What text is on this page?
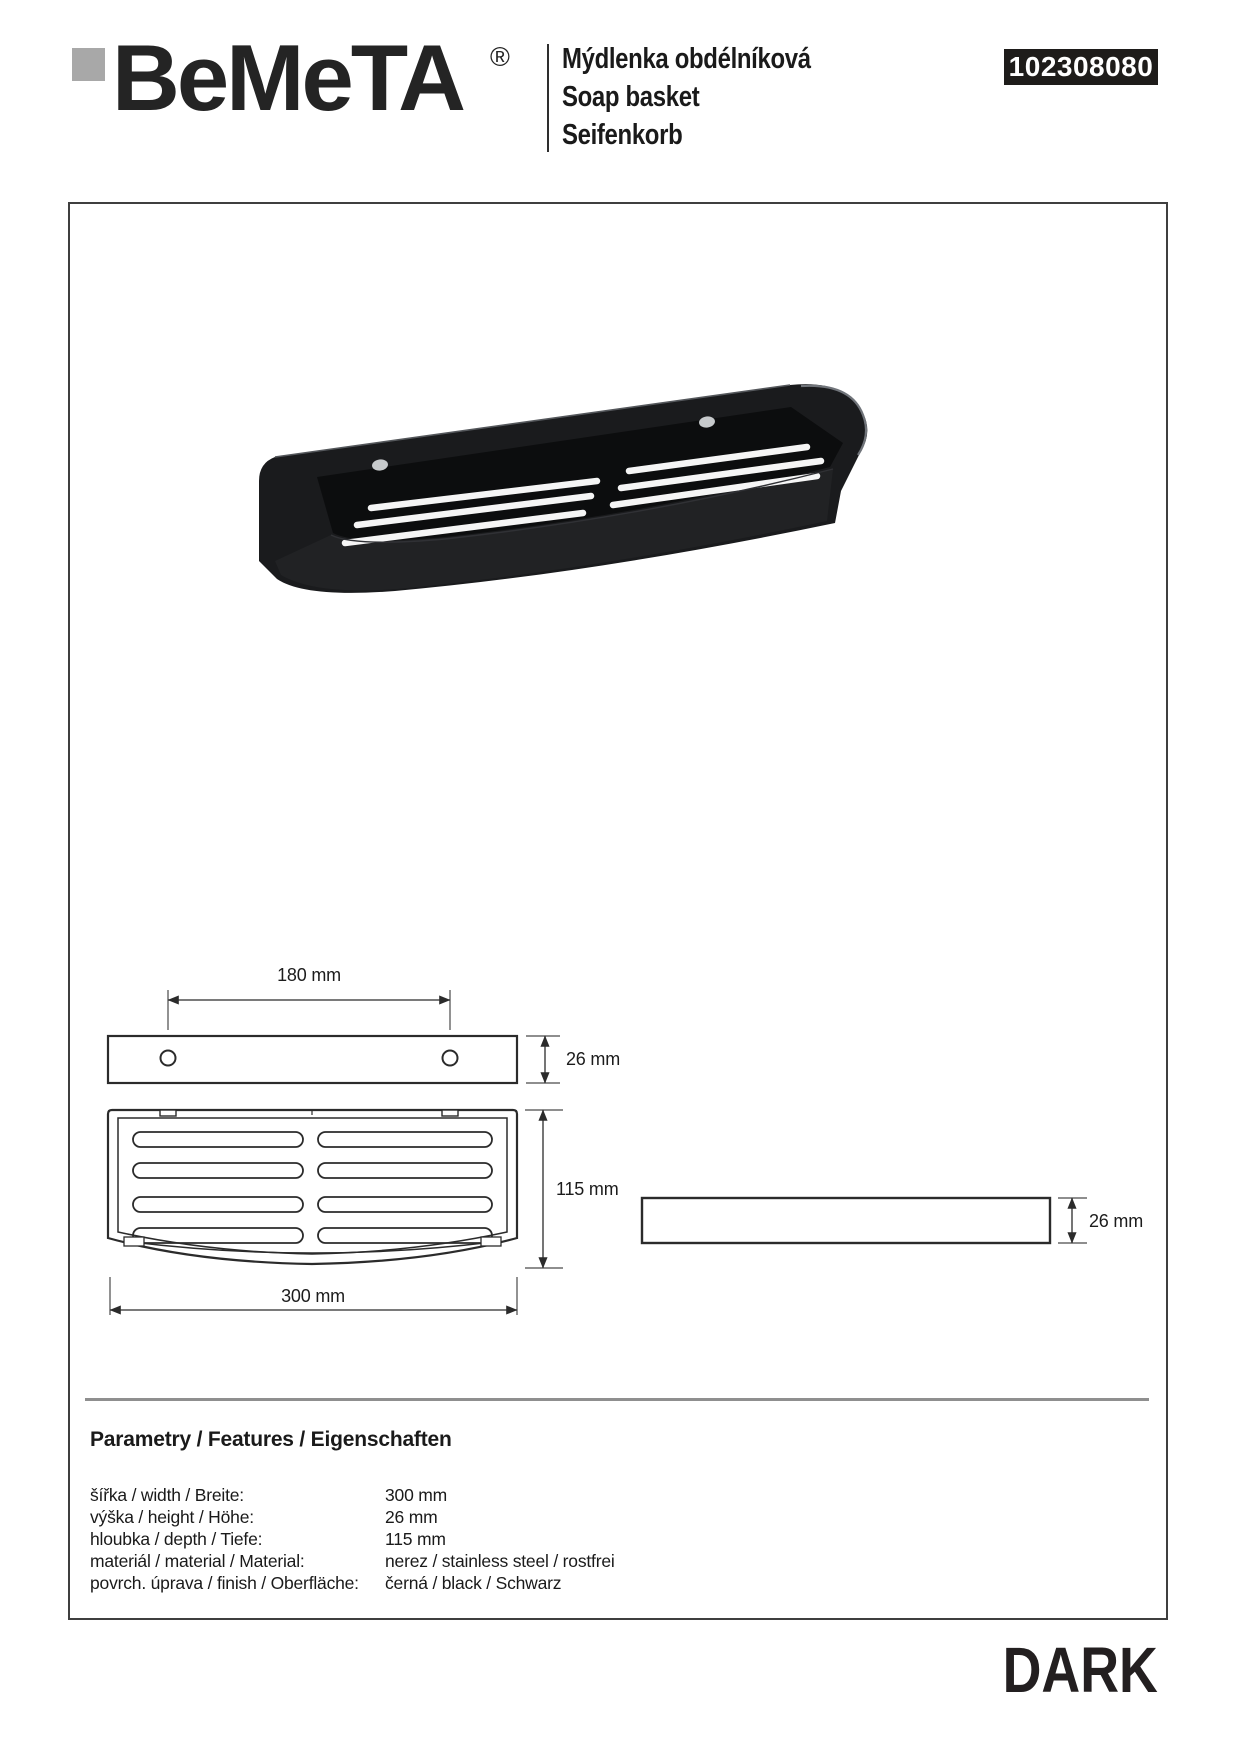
BeMeTA ® Mýdlenka obdélníková
Soap basket
Seifenkorb
102308080
180 mm
26 mm
115 mm
300 mm
26 mm
Parametry / Features / Eigenschaften
šířka / width / Breite:	300 mm
výška / height / Höhe:	26 mm
hloubka / depth / Tiefe:	115 mm
materiál / material / Material:	nerez / stainless steel / rostfrei
povrch. úprava / finish / Oberfläche:	černá / black / Schwarz
DARK
